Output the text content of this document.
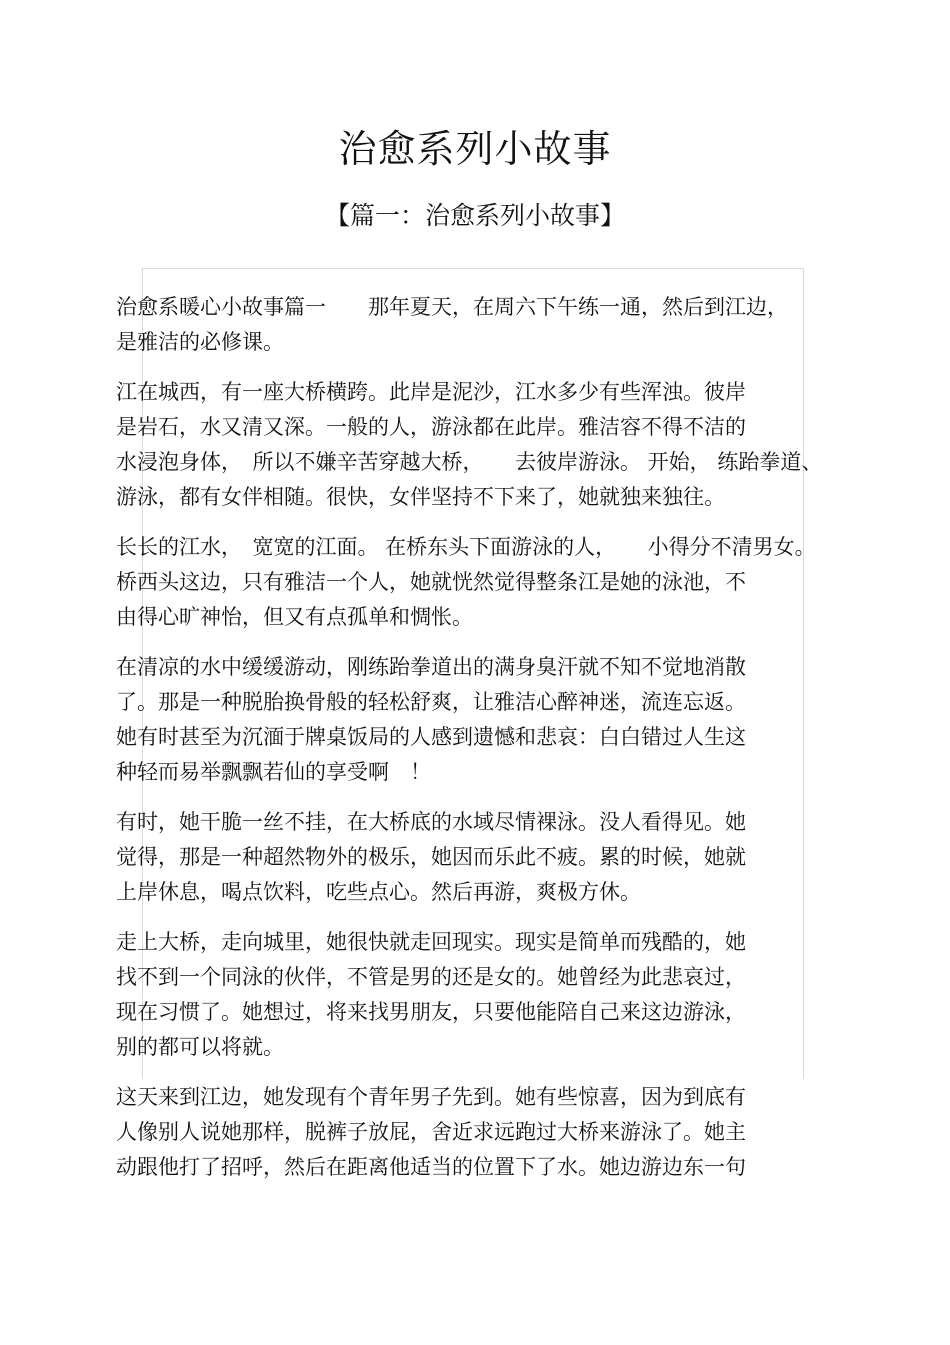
治愈系列小故事
【篇一：治愈系列小故事】

治愈系暖心小故事篇一　　那年夏天，在周六下午练一通，然后到江边，
是雅洁的必修课。

江在城西，有一座大桥横跨。此岸是泥沙，江水多少有些浑浊。彼岸
是岩石，水又清又深。一般的人，游泳都在此岸。雅洁容不得不洁的
水浸泡身体，　所以不嫌辛苦穿越大桥，　　去彼岸游泳。 开始， 练跆拳道、
游泳，都有女伴相随。很快，女伴坚持不下来了，她就独来独往。

长长的江水，　宽宽的江面。 在桥东头下面游泳的人，　　小得分不清男女。
桥西头这边，只有雅洁一个人，她就恍然觉得整条江是她的泳池，不
由得心旷神怡，但又有点孤单和惆怅。

在清凉的水中缓缓游动，刚练跆拳道出的满身臭汗就不知不觉地消散
了。那是一种脱胎换骨般的轻松舒爽，让雅洁心醉神迷，流连忘返。
她有时甚至为沉湎于牌桌饭局的人感到遗憾和悲哀：白白错过人生这
种轻而易举飘飘若仙的享受啊　！

有时，她干脆一丝不挂，在大桥底的水域尽情裸泳。没人看得见。她
觉得，那是一种超然物外的极乐，她因而乐此不疲。累的时候，她就
上岸休息，喝点饮料，吃些点心。然后再游，爽极方休。

走上大桥，走向城里，她很快就走回现实。现实是简单而残酷的，她
找不到一个同泳的伙伴，不管是男的还是女的。她曾经为此悲哀过，
现在习惯了。她想过，将来找男朋友，只要他能陪自己来这边游泳，
别的都可以将就。

这天来到江边，她发现有个青年男子先到。她有些惊喜，因为到底有
人像别人说她那样，脱裤子放屁，舍近求远跑过大桥来游泳了。她主
动跟他打了招呼，然后在距离他适当的位置下了水。她边游边东一句
